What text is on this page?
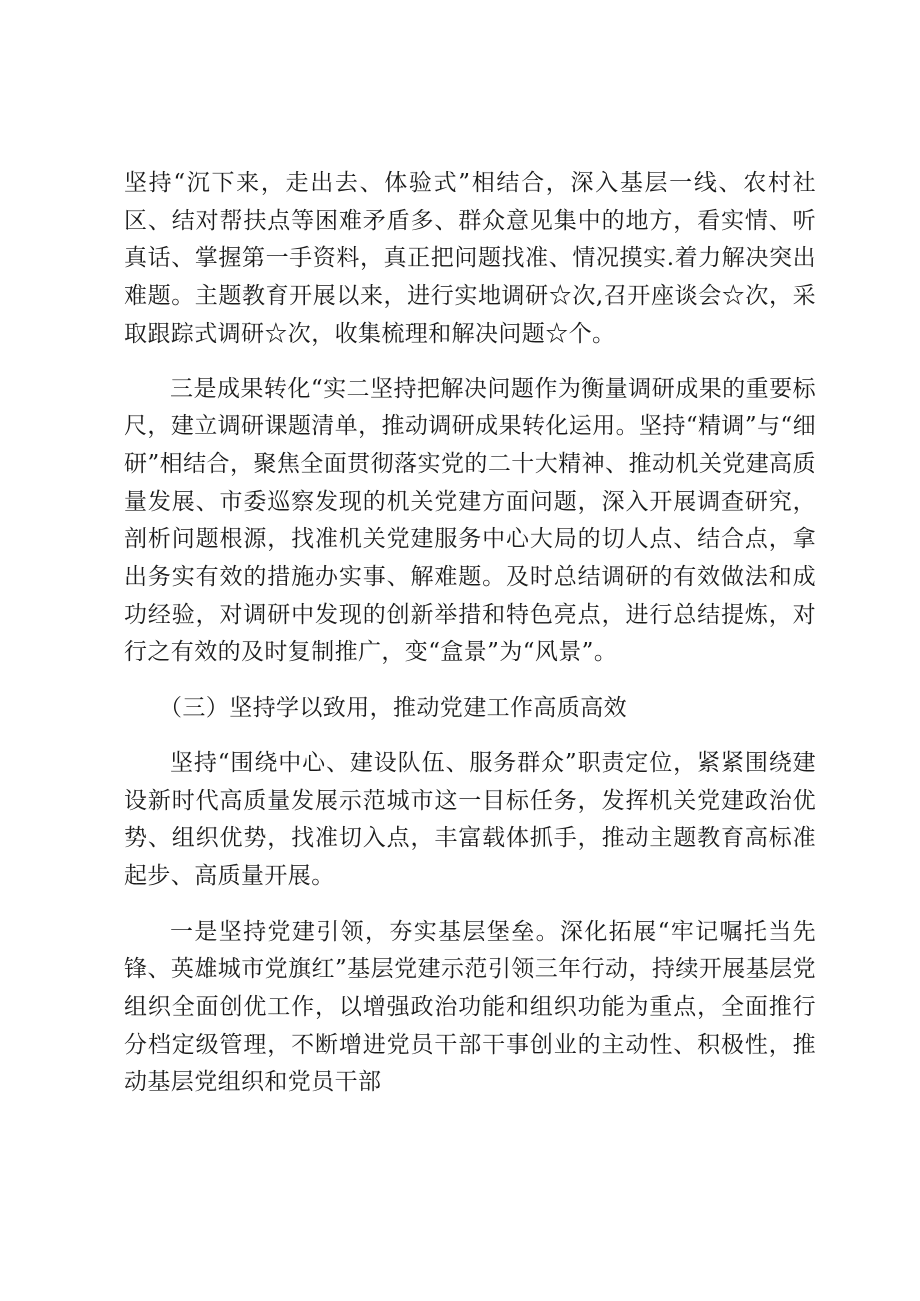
坚持“沉下来，走出去、体验式”相结合，深入基层一线、农村社区、结对帮扶点等困难矛盾多、群众意见集中的地方，看实情、听真话、掌握第一手资料，真正把问题找准、情况摸实.着力解决突出难题。主题教育开展以来，进行实地调研☆次,召开座谈会☆次，采取跟踪式调研☆次，收集梳理和解决问题☆个。

三是成果转化“实二坚持把解决问题作为衡量调研成果的重要标尺，建立调研课题清单，推动调研成果转化运用。坚持“精调”与“细研”相结合，聚焦全面贯彻落实党的二十大精神、推动机关党建高质量发展、市委巡察发现的机关党建方面问题，深入开展调查研究，剖析问题根源，找准机关党建服务中心大局的切人点、结合点，拿出务实有效的措施办实事、解难题。及时总结调研的有效做法和成功经验，对调研中发现的创新举措和特色亮点，进行总结提炼，对行之有效的及时复制推广，变“盒景”为“风景”。

（三）坚持学以致用，推动党建工作高质高效

坚持“围绕中心、建设队伍、服务群众”职责定位，紧紧围绕建设新时代高质量发展示范城市这一目标任务，发挥机关党建政治优势、组织优势，找准切入点，丰富载体抓手，推动主题教育高标准起步、高质量开展。

一是坚持党建引领，夯实基层堡垒。深化拓展“牢记嘱托当先锋、英雄城市党旗红”基层党建示范引领三年行动，持续开展基层党组织全面创优工作，以增强政治功能和组织功能为重点，全面推行分档定级管理，不断增进党员干部干事创业的主动性、积极性，推动基层党组织和党员干部
